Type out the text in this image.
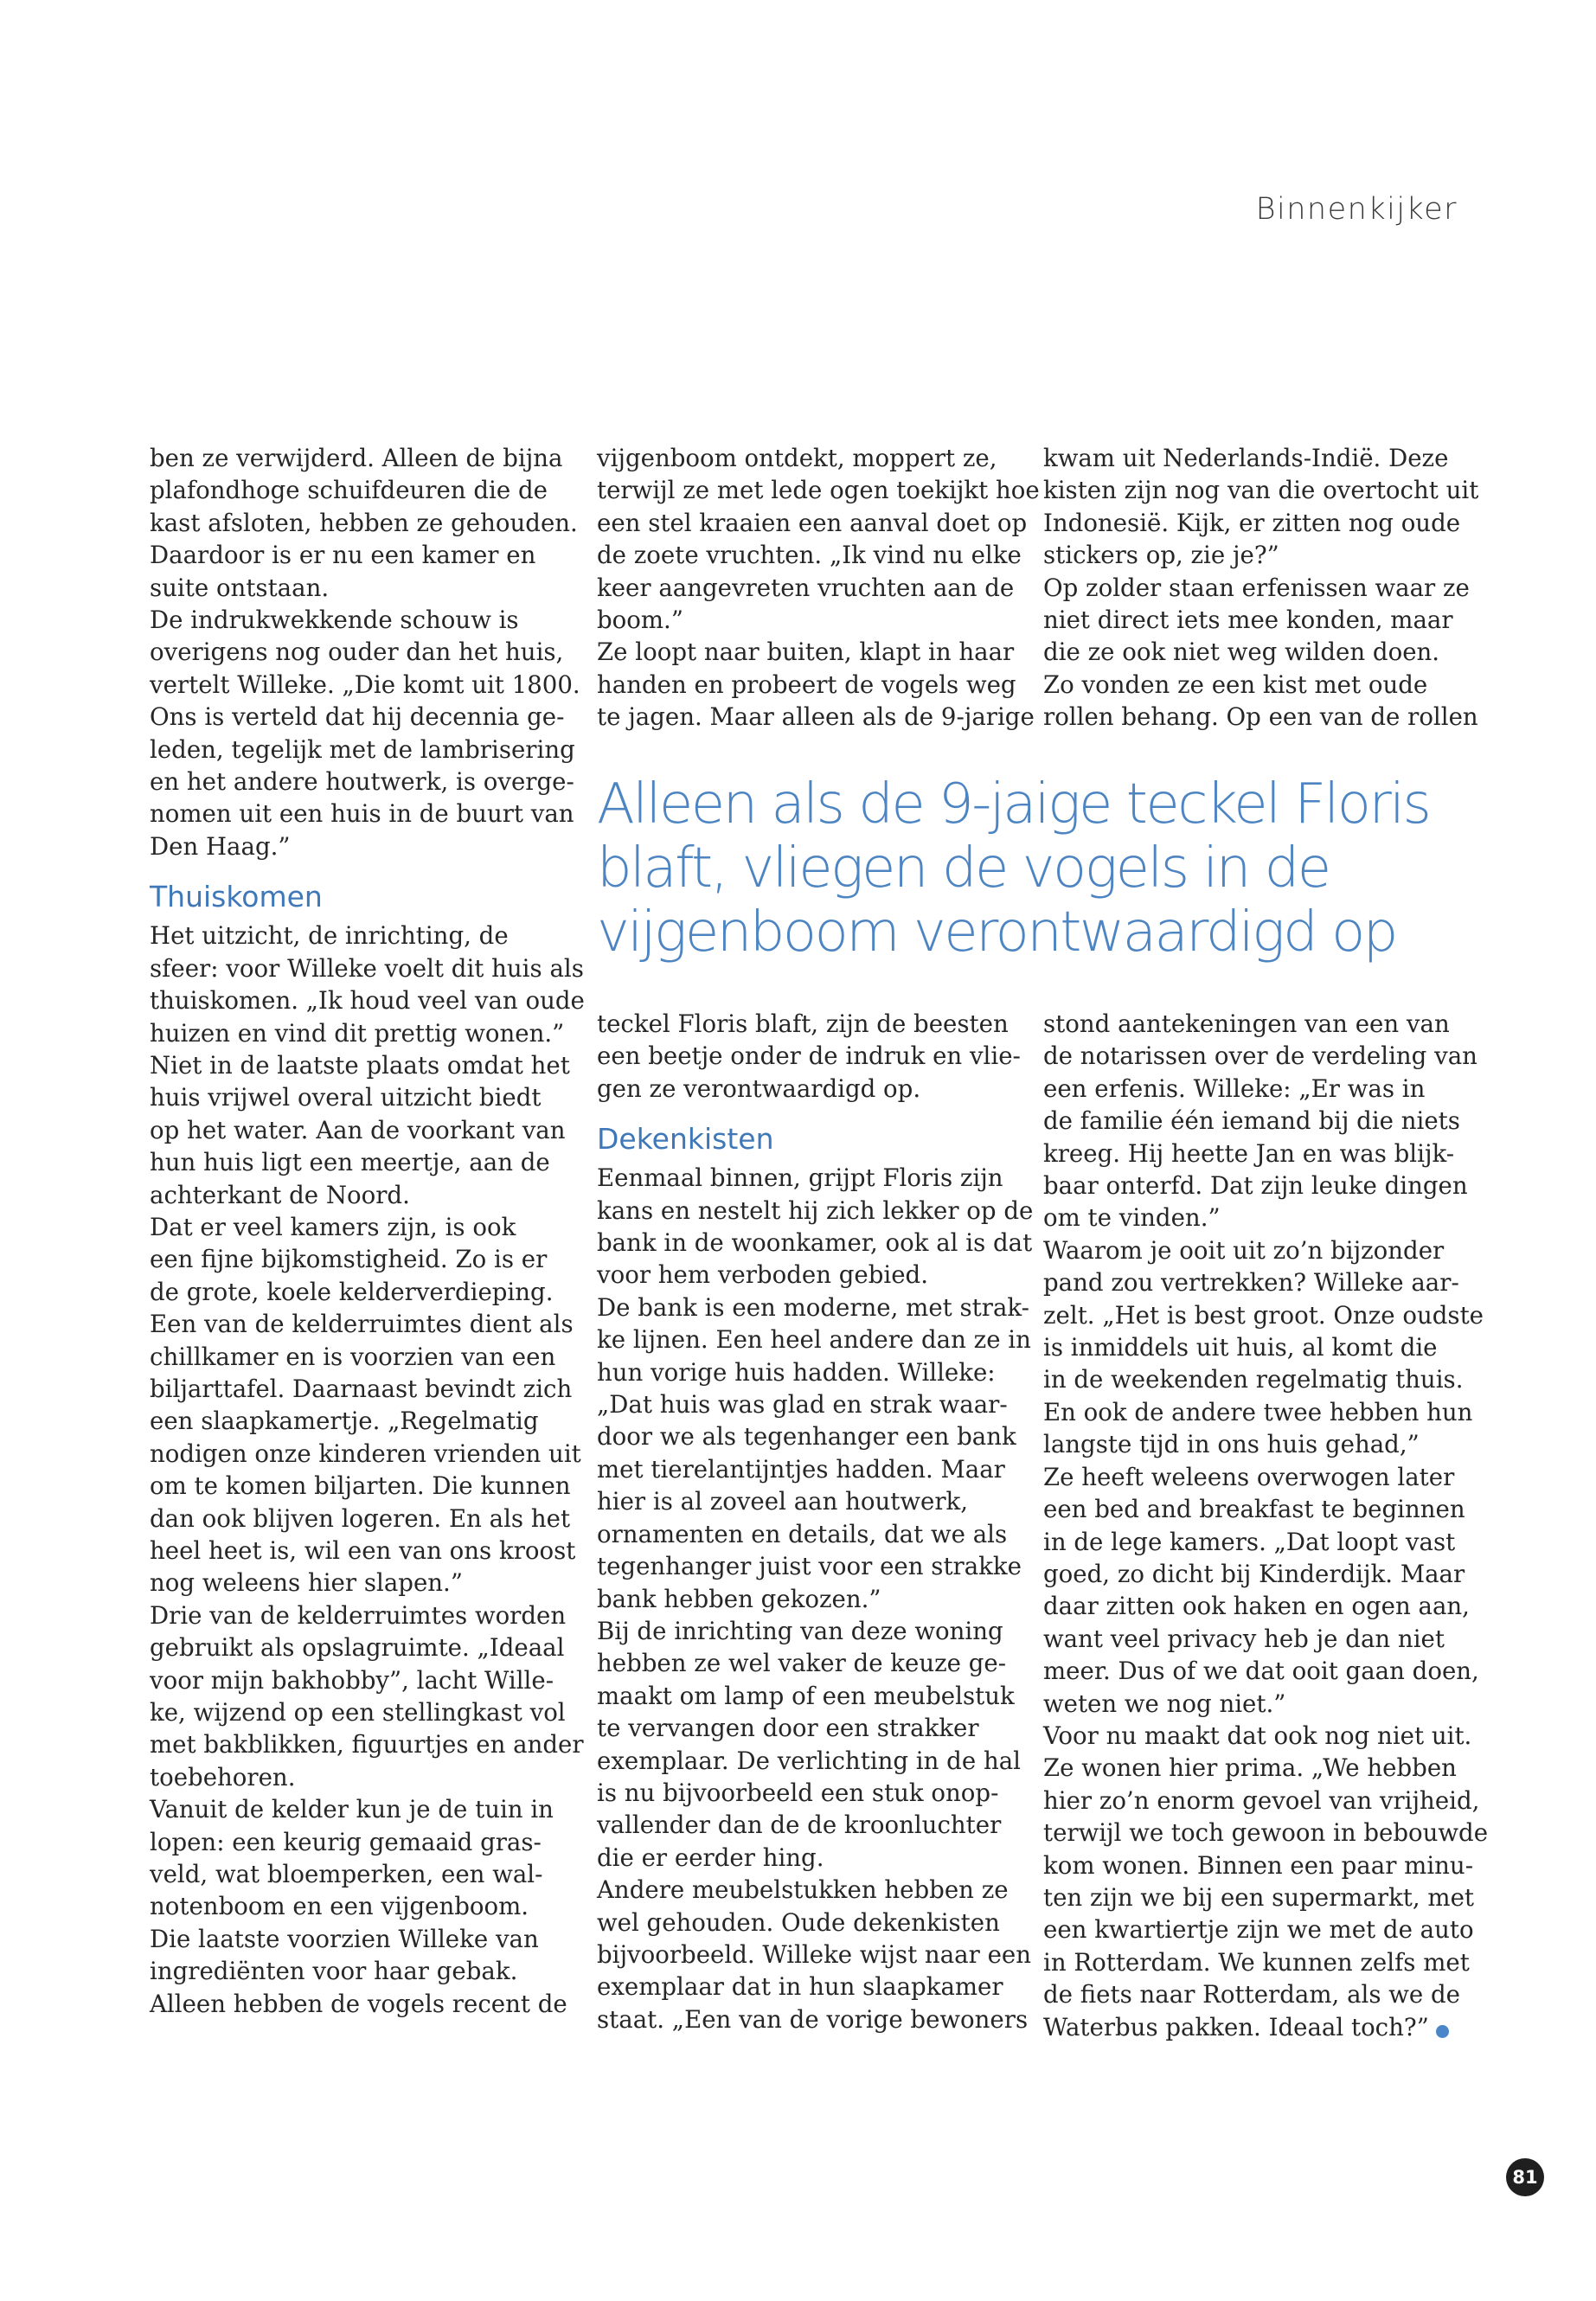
Binnenkijker

ben ze verwijderd. Alleen de bijna
plafondhoge schuifdeuren die de
kast afsloten, hebben ze gehouden.
Daardoor is er nu een kamer en
suite ontstaan.
De indrukwekkende schouw is
overigens nog ouder dan het huis,
vertelt Willeke. „Die komt uit 1800.
Ons is verteld dat hij decennia ge-
leden, tegelijk met de lambrisering
en het andere houtwerk, is overge-
nomen uit een huis in de buurt van
Den Haag.”

Thuiskomen

Het uitzicht, de inrichting, de
sfeer: voor Willeke voelt dit huis als
thuiskomen. „Ik houd veel van oude
huizen en vind dit prettig wonen.”
Niet in de laatste plaats omdat het
huis vrijwel overal uitzicht biedt
op het water. Aan de voorkant van
hun huis ligt een meertje, aan de
achterkant de Noord.
Dat er veel kamers zijn, is ook
een fijne bijkomstigheid. Zo is er
de grote, koele kelderverdieping.
Een van de kelderruimtes dient als
chillkamer en is voorzien van een
biljarttafel. Daarnaast bevindt zich
een slaapkamertje. „Regelmatig
nodigen onze kinderen vrienden uit
om te komen biljarten. Die kunnen
dan ook blijven logeren. En als het
heel heet is, wil een van ons kroost
nog weleens hier slapen.”
Drie van de kelderruimtes worden
gebruikt als opslagruimte. „Ideaal
voor mijn bakhobby”, lacht Wille-
ke, wijzend op een stellingkast vol
met bakblikken, figuurtjes en ander
toebehoren.
Vanuit de kelder kun je de tuin in
lopen: een keurig gemaaid gras-
veld, wat bloemperken, een wal-
notenboom en een vijgenboom.
Die laatste voorzien Willeke van
ingrediënten voor haar gebak.
Alleen hebben de vogels recent de

vijgenboom ontdekt, moppert ze,
terwijl ze met lede ogen toekijkt hoe
een stel kraaien een aanval doet op
de zoete vruchten. „Ik vind nu elke
keer aangevreten vruchten aan de
boom.”
Ze loopt naar buiten, klapt in haar
handen en probeert de vogels weg
te jagen. Maar alleen als de 9-jarige

kwam uit Nederlands-Indië. Deze
kisten zijn nog van die overtocht uit
Indonesië. Kijk, er zitten nog oude
stickers op, zie je?”
Op zolder staan erfenissen waar ze
niet direct iets mee konden, maar
die ze ook niet weg wilden doen.
Zo vonden ze een kist met oude
rollen behang. Op een van de rollen

Alleen als de 9-jaige teckel Floris
blaft, vliegen de vogels in de
vijgenboom verontwaardigd op

teckel Floris blaft, zijn de beesten
een beetje onder de indruk en vlie-
gen ze verontwaardigd op.

Dekenkisten

Eenmaal binnen, grijpt Floris zijn
kans en nestelt hij zich lekker op de
bank in de woonkamer, ook al is dat
voor hem verboden gebied.
De bank is een moderne, met strak-
ke lijnen. Een heel andere dan ze in
hun vorige huis hadden. Willeke:
„Dat huis was glad en strak waar-
door we als tegenhanger een bank
met tierelantijntjes hadden. Maar
hier is al zoveel aan houtwerk,
ornamenten en details, dat we als
tegenhanger juist voor een strakke
bank hebben gekozen.”
Bij de inrichting van deze woning
hebben ze wel vaker de keuze ge-
maakt om lamp of een meubelstuk
te vervangen door een strakker
exemplaar. De verlichting in de hal
is nu bijvoorbeeld een stuk onop-
vallender dan de de kroonluchter
die er eerder hing.
Andere meubelstukken hebben ze
wel gehouden. Oude dekenkisten
bijvoorbeeld. Willeke wijst naar een
exemplaar dat in hun slaapkamer
staat. „Een van de vorige bewoners

stond aantekeningen van een van
de notarissen over de verdeling van
een erfenis. Willeke: „Er was in
de familie één iemand bij die niets
kreeg. Hij heette Jan en was blijk-
baar onterfd. Dat zijn leuke dingen
om te vinden.”
Waarom je ooit uit zo’n bijzonder
pand zou vertrekken? Willeke aar-
zelt. „Het is best groot. Onze oudste
is inmiddels uit huis, al komt die
in de weekenden regelmatig thuis.
En ook de andere twee hebben hun
langste tijd in ons huis gehad,”
Ze heeft weleens overwogen later
een bed and breakfast te beginnen
in de lege kamers. „Dat loopt vast
goed, zo dicht bij Kinderdijk. Maar
daar zitten ook haken en ogen aan,
want veel privacy heb je dan niet
meer. Dus of we dat ooit gaan doen,
weten we nog niet.”
Voor nu maakt dat ook nog niet uit.
Ze wonen hier prima. „We hebben
hier zo’n enorm gevoel van vrijheid,
terwijl we toch gewoon in bebouwde
kom wonen. Binnen een paar minu-
ten zijn we bij een supermarkt, met
een kwartiertje zijn we met de auto
in Rotterdam. We kunnen zelfs met
de fiets naar Rotterdam, als we de
Waterbus pakken. Ideaal toch?”

81
